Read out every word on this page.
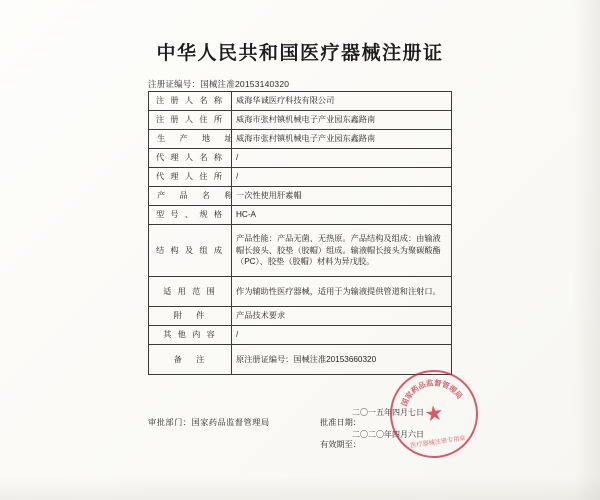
中华人民共和国医疗器械注册证
注册证编号：国械注准20153140320
注 册 人 名 称	威海华诚医疗科技有限公司
注 册 人 住 所	威海市张村镇机械电子产业园东鑫路南
生 产 地 址	威海市张村镇机械电子产业园东鑫路南
代 理 人 名 称	/
代 理 人 住 所	/
产 品 名 称	一次性使用肝素帽
型 号 、 规 格	HC-A
结 构 及 组 成	产品性能：产品无菌、无热原。产品结构及组成：由输液帽长接头、胶垫（胶帽）组成。输液帽长接头为聚碳酸酯（PC）、胶垫（胶帽）材料为异戊胶。
适 用 范 围	作为辅助性医疗器械，适用于为输液提供管道和注射口。
附 件	产品技术要求
其 他 内 容	/
备 注	原注册证编号：国械注准20153660320
审批部门：国家药品监督管理局
	批准日期：
有效期至：
二〇一五年四月七日
二〇二〇年四月六日
国
家
药
品
监 督
管
理
局
★
医疗器械注册专用章
